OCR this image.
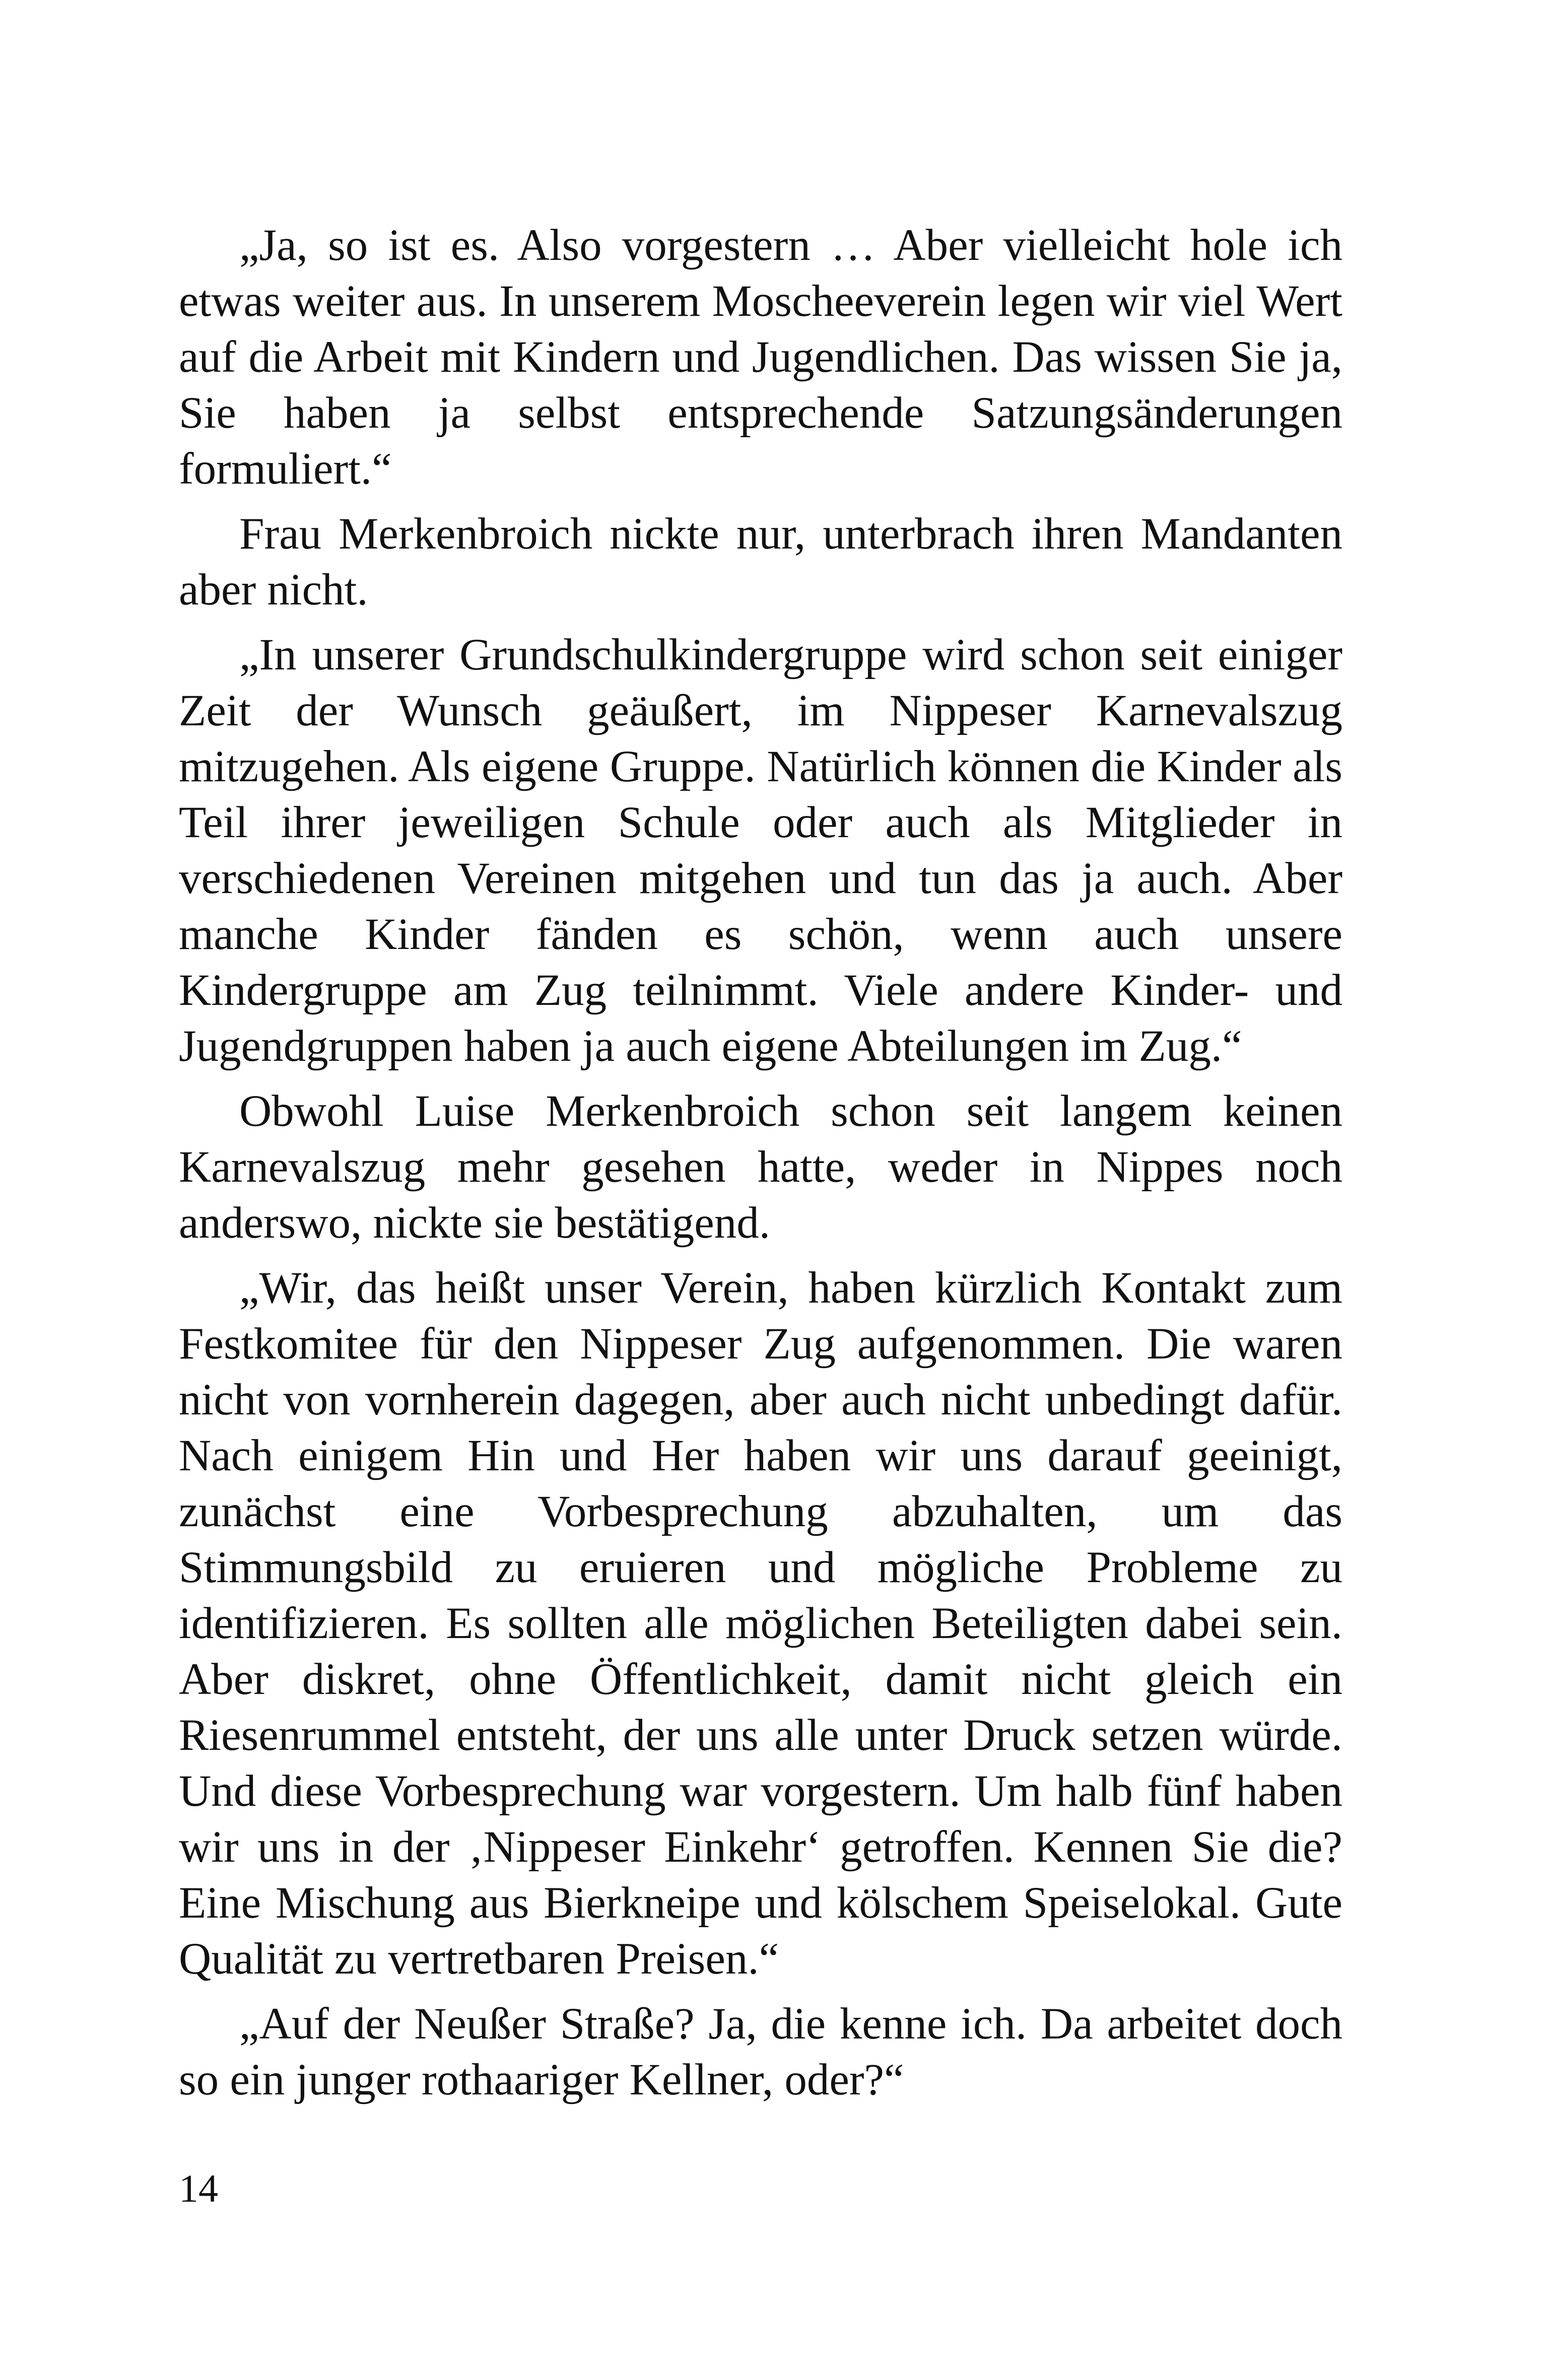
„Ja, so ist es. Also vorgestern … Aber vielleicht hole ich etwas weiter aus. In unserem Moscheeverein legen wir viel Wert auf die Arbeit mit Kindern und Jugendlichen. Das wissen Sie ja, Sie haben ja selbst entsprechende Satzungsänderungen formuliert.“

Frau Merkenbroich nickte nur, unterbrach ihren Mandanten aber nicht.

„In unserer Grundschulkindergruppe wird schon seit einiger Zeit der Wunsch geäußert, im Nippeser Karnevalszug mitzugehen. Als eigene Gruppe. Natürlich können die Kinder als Teil ihrer jeweiligen Schule oder auch als Mitglieder in verschiedenen Vereinen mitgehen und tun das ja auch. Aber manche Kinder fänden es schön, wenn auch unsere Kindergruppe am Zug teilnimmt. Viele andere Kinder- und Jugendgruppen haben ja auch eigene Abteilungen im Zug.“

Obwohl Luise Merkenbroich schon seit langem keinen Karnevalszug mehr gesehen hatte, weder in Nippes noch anderswo, nickte sie bestätigend.

„Wir, das heißt unser Verein, haben kürzlich Kontakt zum Festkomitee für den Nippeser Zug aufgenommen. Die waren nicht von vornherein dagegen, aber auch nicht unbedingt dafür. Nach einigem Hin und Her haben wir uns darauf geeinigt, zunächst eine Vorbesprechung abzuhalten, um das Stimmungsbild zu eruieren und mögliche Probleme zu identifizieren. Es sollten alle möglichen Beteiligten dabei sein. Aber diskret, ohne Öffentlichkeit, damit nicht gleich ein Riesenrummel entsteht, der uns alle unter Druck setzen würde. Und diese Vorbesprechung war vorgestern. Um halb fünf haben wir uns in der ‚Nippeser Einkehr‘ getroffen. Kennen Sie die? Eine Mischung aus Bierkneipe und kölschem Speiselokal. Gute Qualität zu vertretbaren Preisen.“

„Auf der Neußer Straße? Ja, die kenne ich. Da arbeitet doch so ein junger rothaariger Kellner, oder?“

14
